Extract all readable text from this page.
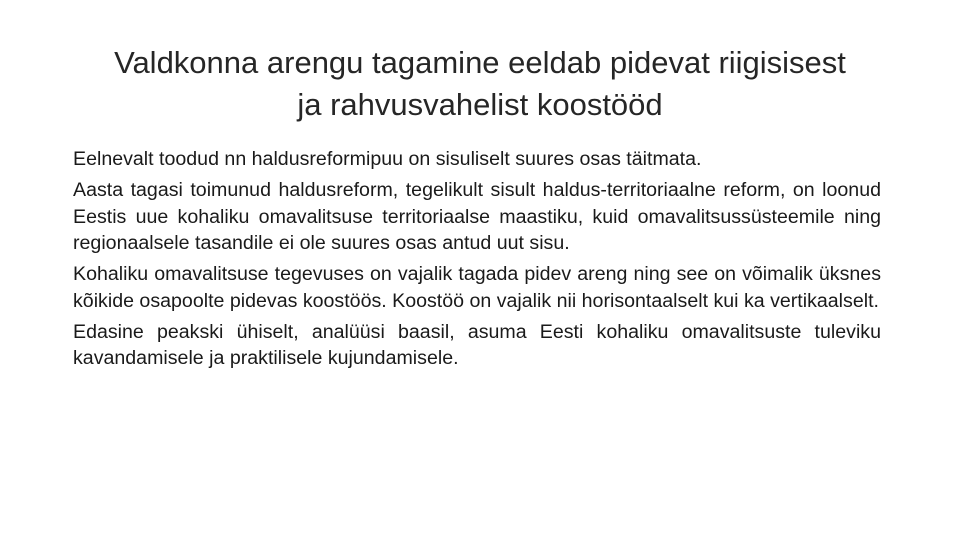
Valdkonna arengu tagamine eeldab pidevat riigisisest
ja rahvusvahelist koostööd

Eelnevalt toodud nn haldusreformipuu on sisuliselt suures osas täitmata.

Aasta tagasi toimunud haldusreform, tegelikult sisult haldus-territoriaalne reform, on loonud Eestis uue kohaliku omavalitsuse territoriaalse maastiku, kuid omavalitsussüsteemile ning regionaalsele tasandile ei ole suures osas antud uut sisu.

Kohaliku omavalitsuse tegevuses on vajalik tagada pidev areng ning see on võimalik üksnes kõikide osapoolte pidevas koostöös. Koostöö on vajalik nii horisontaalselt kui ka vertikaalselt.

Edasine peakski ühiselt, analüüsi baasil, asuma Eesti kohaliku omavalitsuste tuleviku kavandamisele ja praktilisele kujundamisele.
